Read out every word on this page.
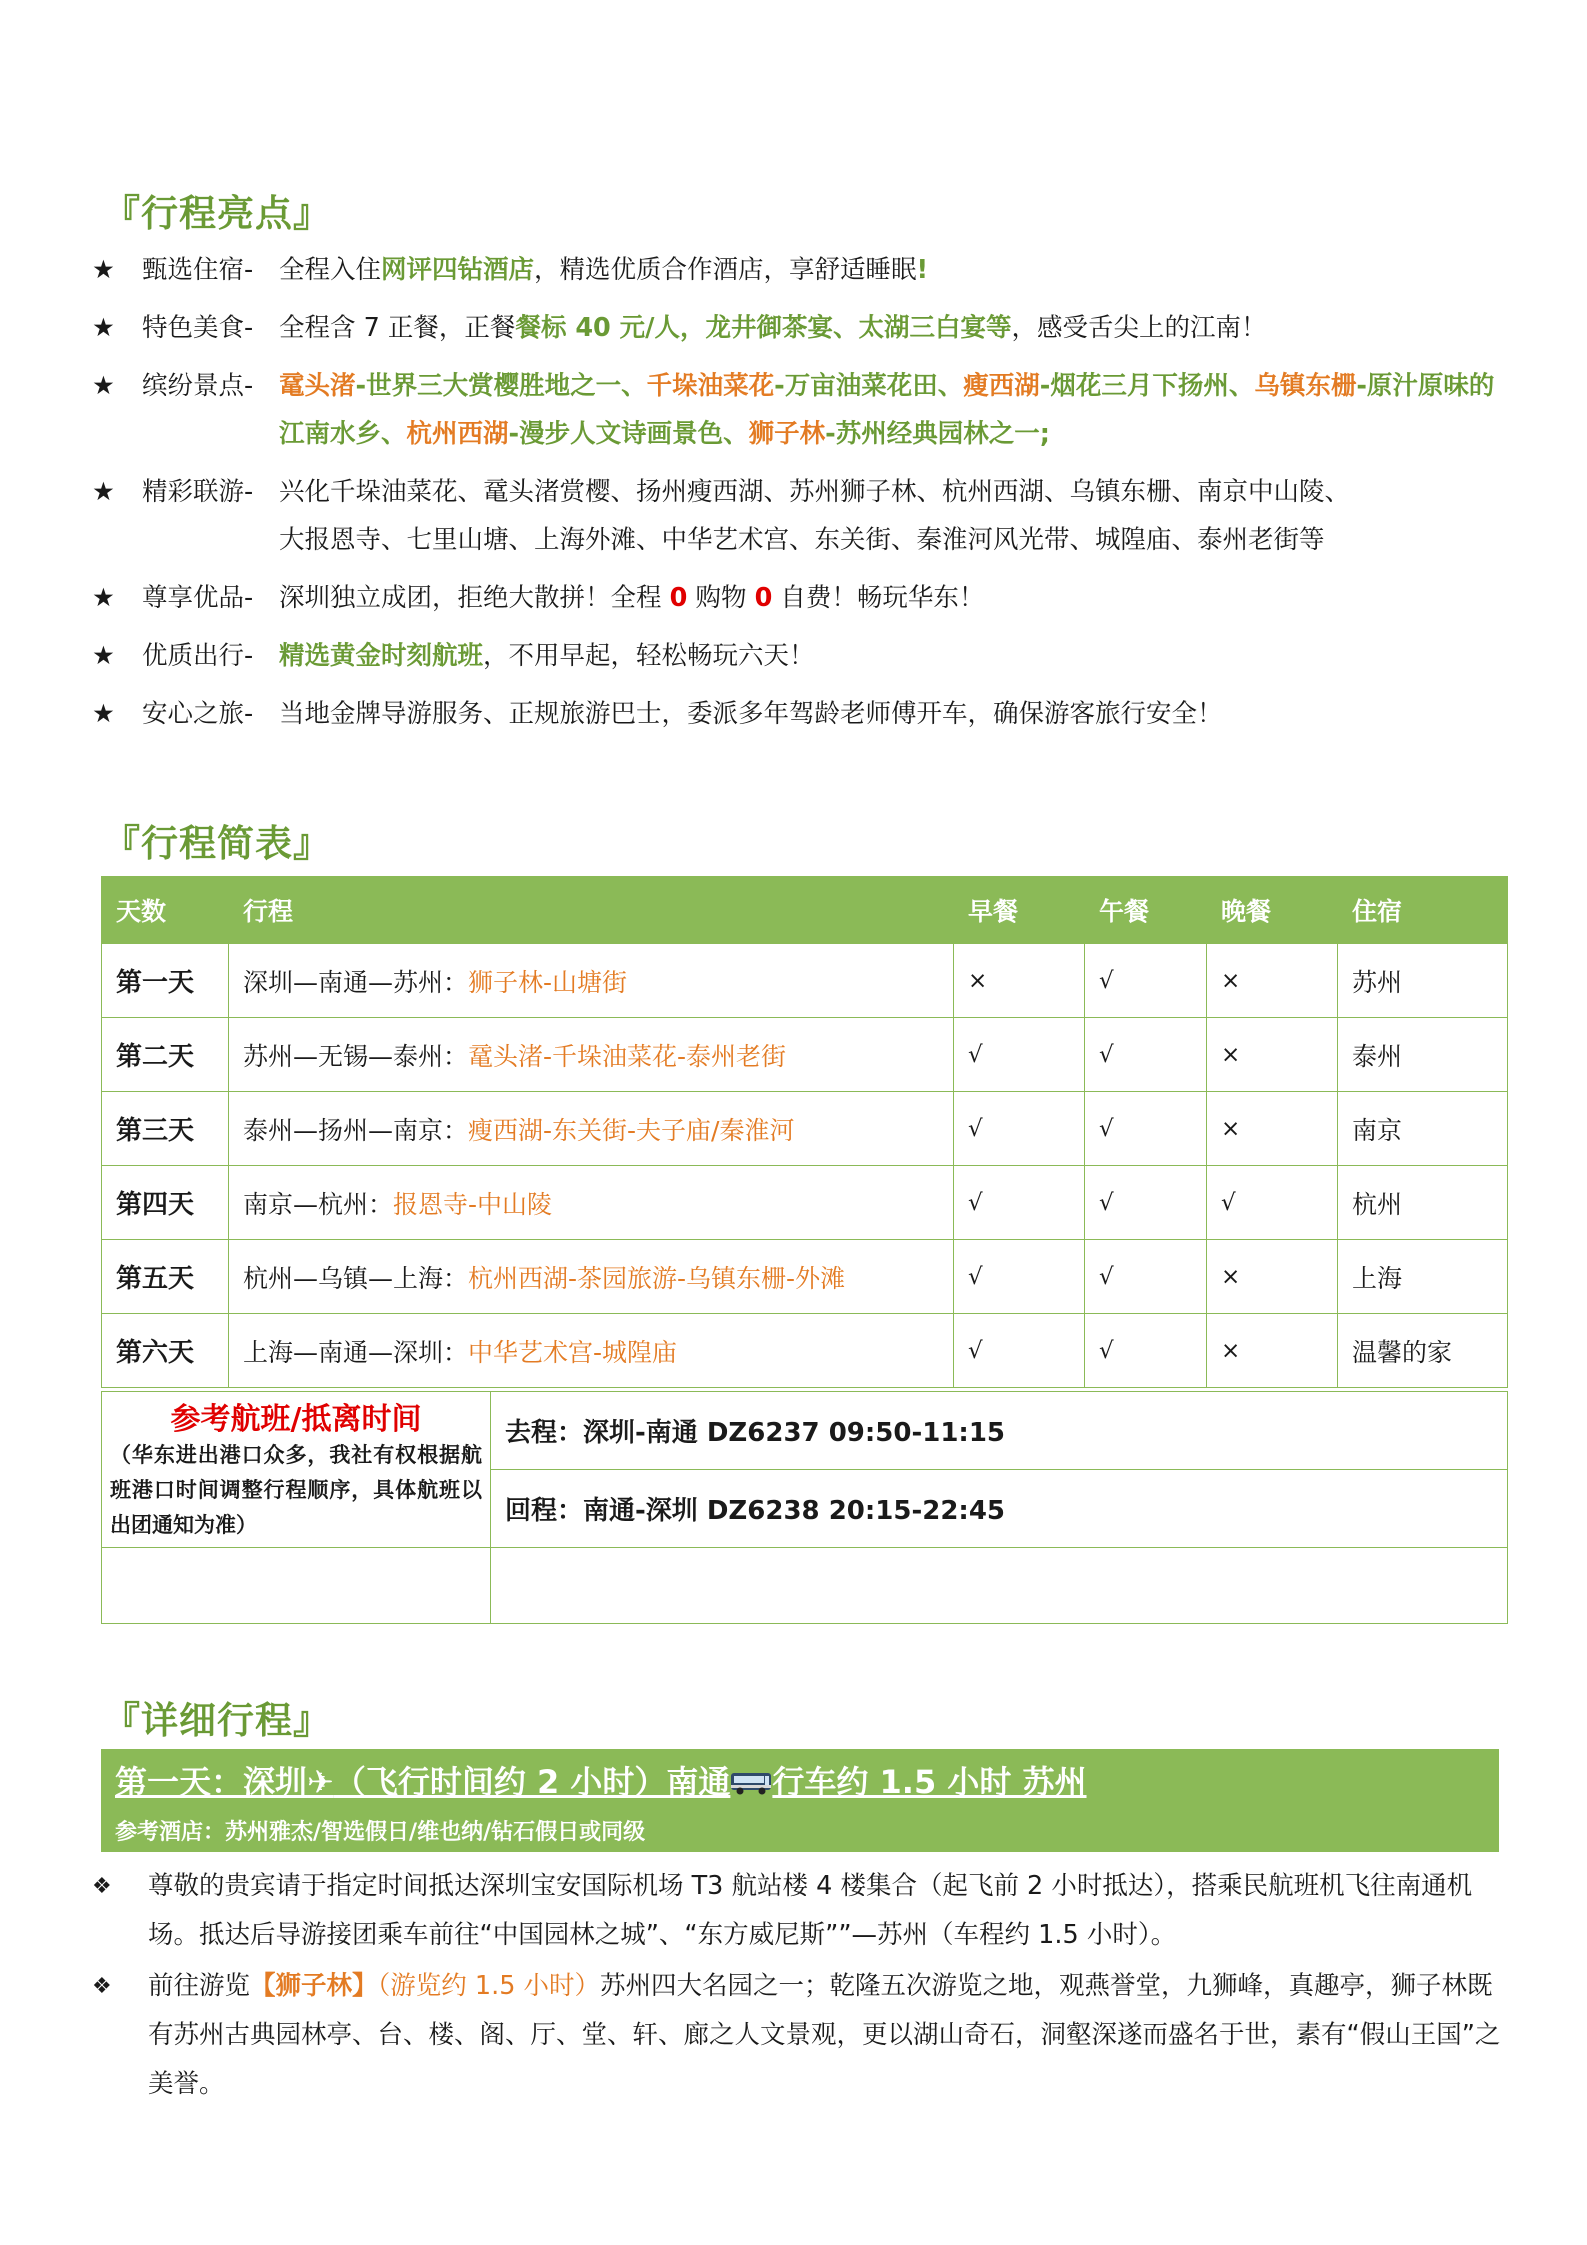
『行程亮点』
★ 甄选住宿-	全程入住网评四钻酒店，精选优质合作酒店，享舒适睡眠!
★ 特色美食-	全程含 7 正餐，正餐餐标 40 元/人，龙井御茶宴、太湖三白宴等，感受舌尖上的江南！
★ 缤纷景点-	鼋头渚-世界三大赏樱胜地之一、千垛油菜花-万亩油菜花田、瘦西湖-烟花三月下扬州、乌镇东栅-原汁原味的江南水乡、杭州西湖-漫步人文诗画景色、狮子林-苏州经典园林之一;
★ 精彩联游-	兴化千垛油菜花、鼋头渚赏樱、扬州瘦西湖、苏州狮子林、杭州西湖、乌镇东栅、南京中山陵、
大报恩寺、七里山塘、上海外滩、中华艺术宫、东关街、秦淮河风光带、城隍庙、泰州老街等
★ 尊享优品-	深圳独立成团，拒绝大散拼！全程 0 购物 0 自费！畅玩华东！
★ 优质出行-	精选黄金时刻航班，不用早起，轻松畅玩六天！
★ 安心之旅-	当地金牌导游服务、正规旅游巴士，委派多年驾龄老师傅开车，确保游客旅行安全！
『行程简表』
天数	行程	早餐	午餐	晚餐	住宿
第一天	深圳—南通—苏州：狮子林-山塘街	×	√	×	苏州
第二天	苏州—无锡—泰州：鼋头渚-千垛油菜花-泰州老街	√	√	×	泰州
第三天	泰州—扬州—南京：瘦西湖-东关街-夫子庙/秦淮河	√	√	×	南京
第四天	南京—杭州：报恩寺-中山陵	√	√	√	杭州
第五天	杭州—乌镇—上海：杭州西湖-茶园旅游-乌镇东栅-外滩	√	√	×	上海
第六天	上海—南通—深圳：中华艺术宫-城隍庙	√	√	×	温馨的家
参考航班/抵离时间
（华东进出港口众多，我社有权根据航班港口时间调整行程顺序，具体航班以出团通知为准）	去程：深圳-南通 DZ6237 09:50-11:15
	回程：南通-深圳 DZ6238 20:15-22:45

『详细行程』
第一天：深圳✈（飞行时间约 2 小时）南通 行车约 1.5 小时 苏州
参考酒店：苏州雅杰/智选假日/维也纳/钻石假日或同级
❖ 尊敬的贵宾请于指定时间抵达深圳宝安国际机场 T3 航站楼 4 楼集合（起飞前 2 小时抵达），搭乘民航班机飞往南通机场。抵达后导游接团乘车前往“中国园林之城”、“东方威尼斯””—苏州（车程约 1.5 小时）。
❖ 前往游览【狮子林】（游览约 1.5 小时）苏州四大名园之一；乾隆五次游览之地，观燕誉堂，九狮峰，真趣亭，狮子林既有苏州古典园林亭、台、楼、阁、厅、堂、轩、廊之人文景观，更以湖山奇石，洞壑深遂而盛名于世，素有“假山王国”之美誉。
